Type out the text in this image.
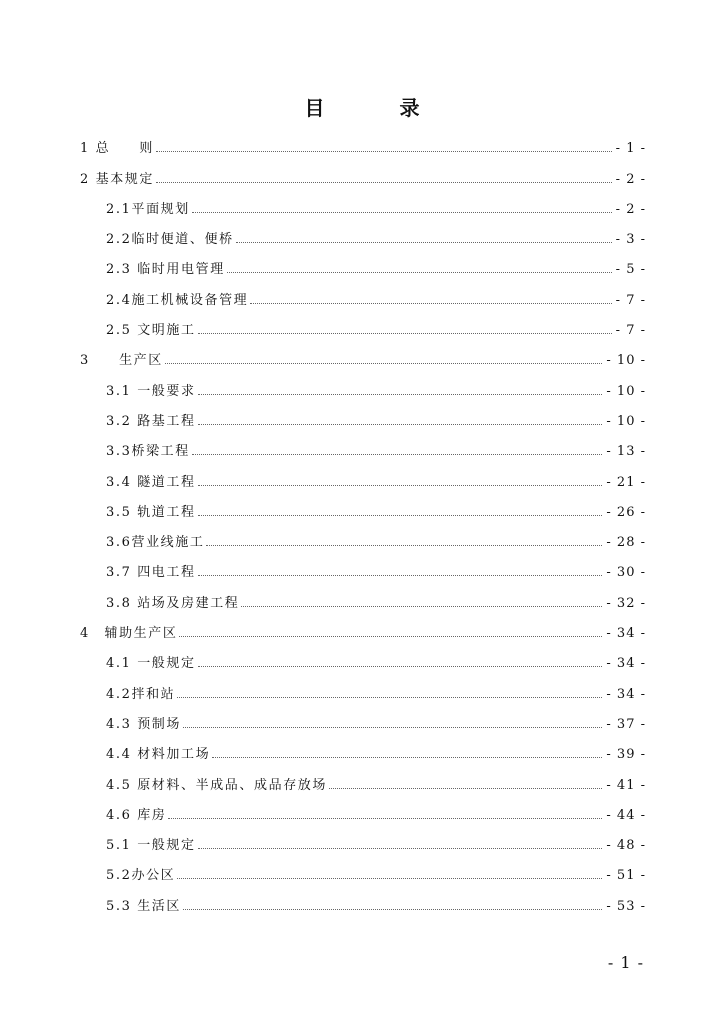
目 录
1 总　　则	- 1 -
2 基本规定	- 2 -
2.1平面规划	- 2 -
2.2临时便道、便桥	- 3 -
2.3 临时用电管理	- 5 -
2.4施工机械设备管理	- 7 -
2.5 文明施工	- 7 -
3　　生产区	- 10 -
3.1 一般要求	- 10 -
3.2 路基工程	- 10 -
3.3桥梁工程	- 13 -
3.4 隧道工程	- 21 -
3.5 轨道工程	- 26 -
3.6营业线施工	- 28 -
3.7 四电工程	- 30 -
3.8 站场及房建工程	- 32 -
4　辅助生产区	- 34 -
4.1 一般规定	- 34 -
4.2拌和站	- 34 -
4.3 预制场	- 37 -
4.4 材料加工场	- 39 -
4.5 原材料、半成品、成品存放场	- 41 -
4.6 库房	- 44 -
5.1 一般规定	- 48 -
5.2办公区	- 51 -
5.3 生活区	- 53 -
- 1 -
